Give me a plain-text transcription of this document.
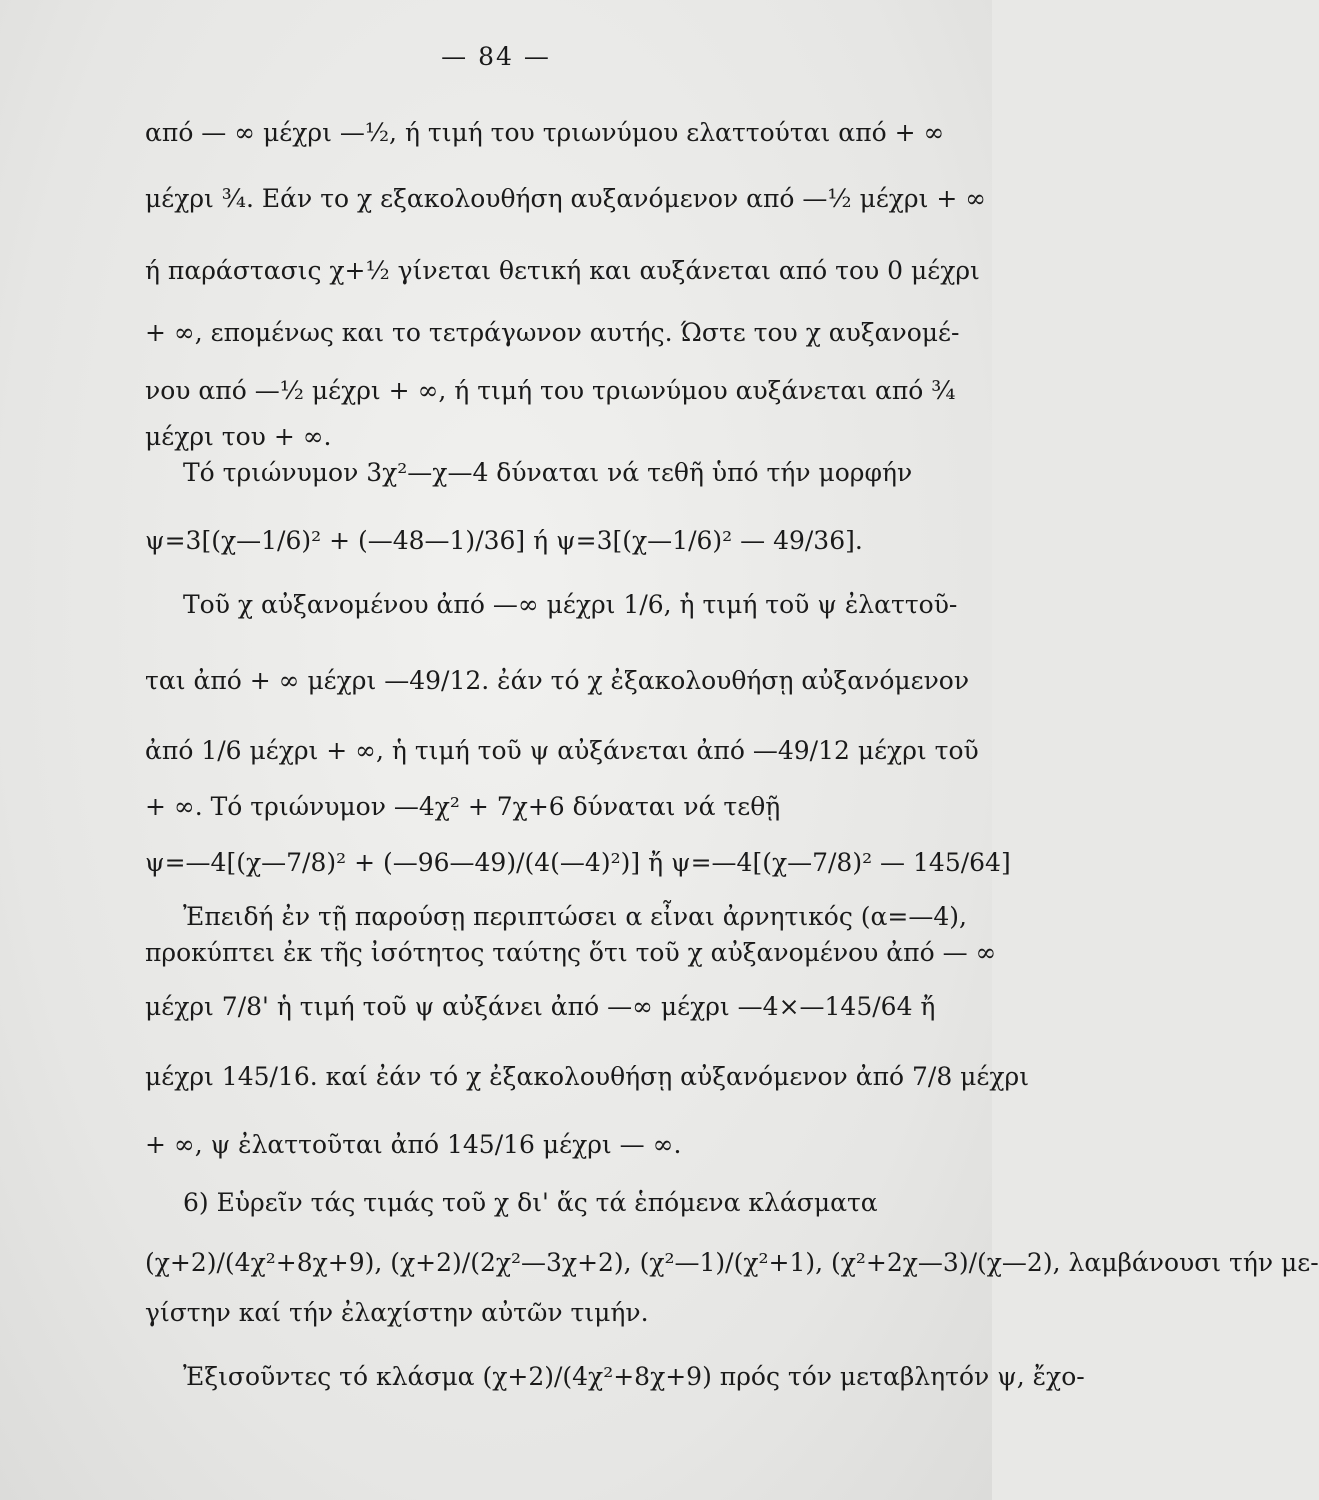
— 84 —
από — ∞ μέχρι —½, ή τιμή του τριωνύμου ελαττούται από + ∞
μέχρι ¾. Εάν το χ εξακολουθήση αυξανόμενον από —½ μέχρι + ∞
ή παράστασις χ+½ γίνεται θετική και αυξάνεται από του 0 μέχρι
+ ∞, επομένως και το τετράγωνον αυτής. Ώστε του χ αυξανομέ-
νου από —½ μέχρι + ∞, ή τιμή του τριωνύμου αυξάνεται από ¾
μέχρι του + ∞.
Τό τριώνυμον 3χ²—χ—4 δύναται νά τεθῆ ὑπό τήν μορφήν
ψ=3[(χ—1/6)² + (—48—1)/36] ή ψ=3[(χ—1/6)² — 49/36].
Τοῦ χ αὐξανομένου ἀπό —∞ μέχρι 1/6, ἡ τιμή τοῦ ψ ἐλαττοῦ-
ται ἀπό + ∞ μέχρι —49/12. ἐάν τό χ ἐξακολουθήσῃ αὐξανόμενον
ἀπό 1/6 μέχρι + ∞, ἡ τιμή τοῦ ψ αὐξάνεται ἀπό —49/12 μέχρι τοῦ
+ ∞. Τό τριώνυμον —4χ² + 7χ+6 δύναται νά τεθῇ
ψ=—4[(χ—7/8)² + (—96—49)/(4(—4)²)] ἤ ψ=—4[(χ—7/8)² — 145/64]
Ἐπειδή ἐν τῇ παρούσῃ περιπτώσει α εἶναι ἀρνητικός (α=—4),
προκύπτει ἐκ τῆς ἰσότητος ταύτης ὅτι τοῦ χ αὐξανομένου ἀπό — ∞
μέχρι 7/8' ἡ τιμή τοῦ ψ αὐξάνει ἀπό —∞ μέχρι —4×—145/64 ἤ
μέχρι 145/16. καί ἐάν τό χ ἐξακολουθήσῃ αὐξανόμενον ἀπό 7/8 μέχρι
+ ∞, ψ ἐλαττοῦται ἀπό 145/16 μέχρι — ∞.
6) Εὑρεῖν τάς τιμάς τοῦ χ δι' ἅς τά ἑπόμενα κλάσματα
(χ+2)/(4χ²+8χ+9), (χ+2)/(2χ²—3χ+2), (χ²—1)/(χ²+1), (χ²+2χ—3)/(χ—2), λαμβάνουσι τήν με-
γίστην καί τήν ἐλαχίστην αὐτῶν τιμήν.
Ἐξισοῦντες τό κλάσμα (χ+2)/(4χ²+8χ+9) πρός τόν μεταβλητόν ψ, ἔχο-
